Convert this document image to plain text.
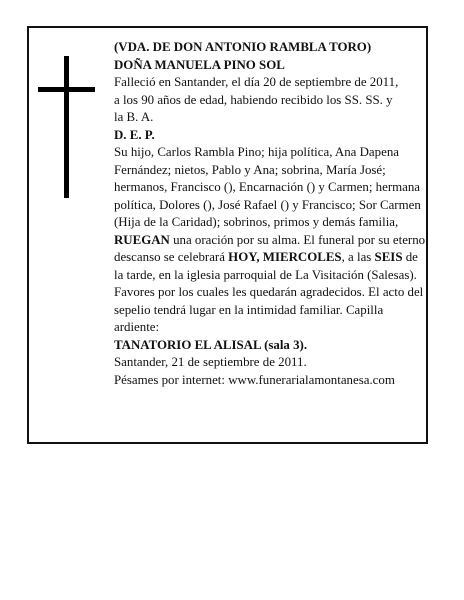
(VDA. DE DON ANTONIO RAMBLA TORO)

DOÑA MANUELA PINO SOL

Falleció en Santander, el día 20 de septiembre de 2011,

a los 90 años de edad, habiendo recibido los SS. SS. y

la B. A.

D. E. P.

Su hijo, Carlos Rambla Pino; hija política, Ana Dapena Fernández; nietos, Pablo y Ana; sobrina, María José; hermanos, Francisco (), Encarnación () y Carmen; hermana política, Dolores (), José Rafael () y Francisco; Sor Carmen (Hija de la Caridad); sobrinos, primos y demás familia,

RUEGAN una oración por su alma. El funeral por su eterno descanso se celebrará HOY, MIERCOLES, a las SEIS de la tarde, en la iglesia parroquial de La Visitación (Salesas). Favores por los cuales les quedarán agradecidos. El acto del sepelio tendrá lugar en la intimidad familiar. Capilla ardiente:

TANATORIO EL ALISAL (sala 3).

Santander, 21 de septiembre de 2011.

Pésames por internet: www.funerarialamontanesa.com
